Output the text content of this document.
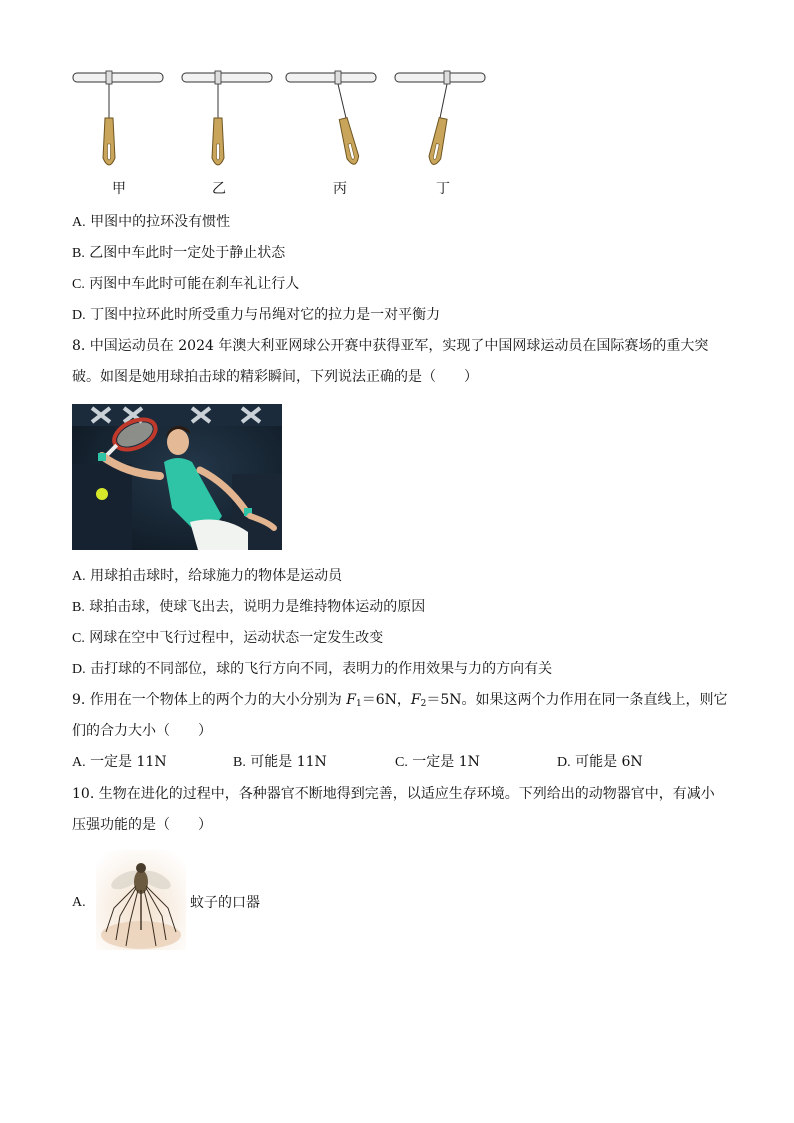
甲	乙	丙	丁
A. 甲图中的拉环没有惯性
B. 乙图中车此时一定处于静止状态
C. 丙图中车此时可能在刹车礼让行人
D. 丁图中拉环此时所受重力与吊绳对它的拉力是一对平衡力
8. 中国运动员在 2024 年澳大利亚网球公开赛中获得亚军，实现了中国网球运动员在国际赛场的重大突
破。如图是她用球拍击球的精彩瞬间，下列说法正确的是（　　）
A. 用球拍击球时，给球施力的物体是运动员
B. 球拍击球，使球飞出去，说明力是维持物体运动的原因
C. 网球在空中飞行过程中，运动状态一定发生改变
D. 击打球的不同部位，球的飞行方向不同，表明力的作用效果与力的方向有关
9. 作用在一个物体上的两个力的大小分别为 $F_1=6N$，$F_2=5N$。如果这两个力作用在同一条直线上，则它
们的合力大小（　　）
A. 一定是 11N	B. 可能是 11N	C. 一定是 1N	D. 可能是 6N
10. 生物在进化的过程中，各种器官不断地得到完善，以适应生存环境。下列给出的动物器官中，有减小
压强功能的是（　　）
A.	蚊子的口器
